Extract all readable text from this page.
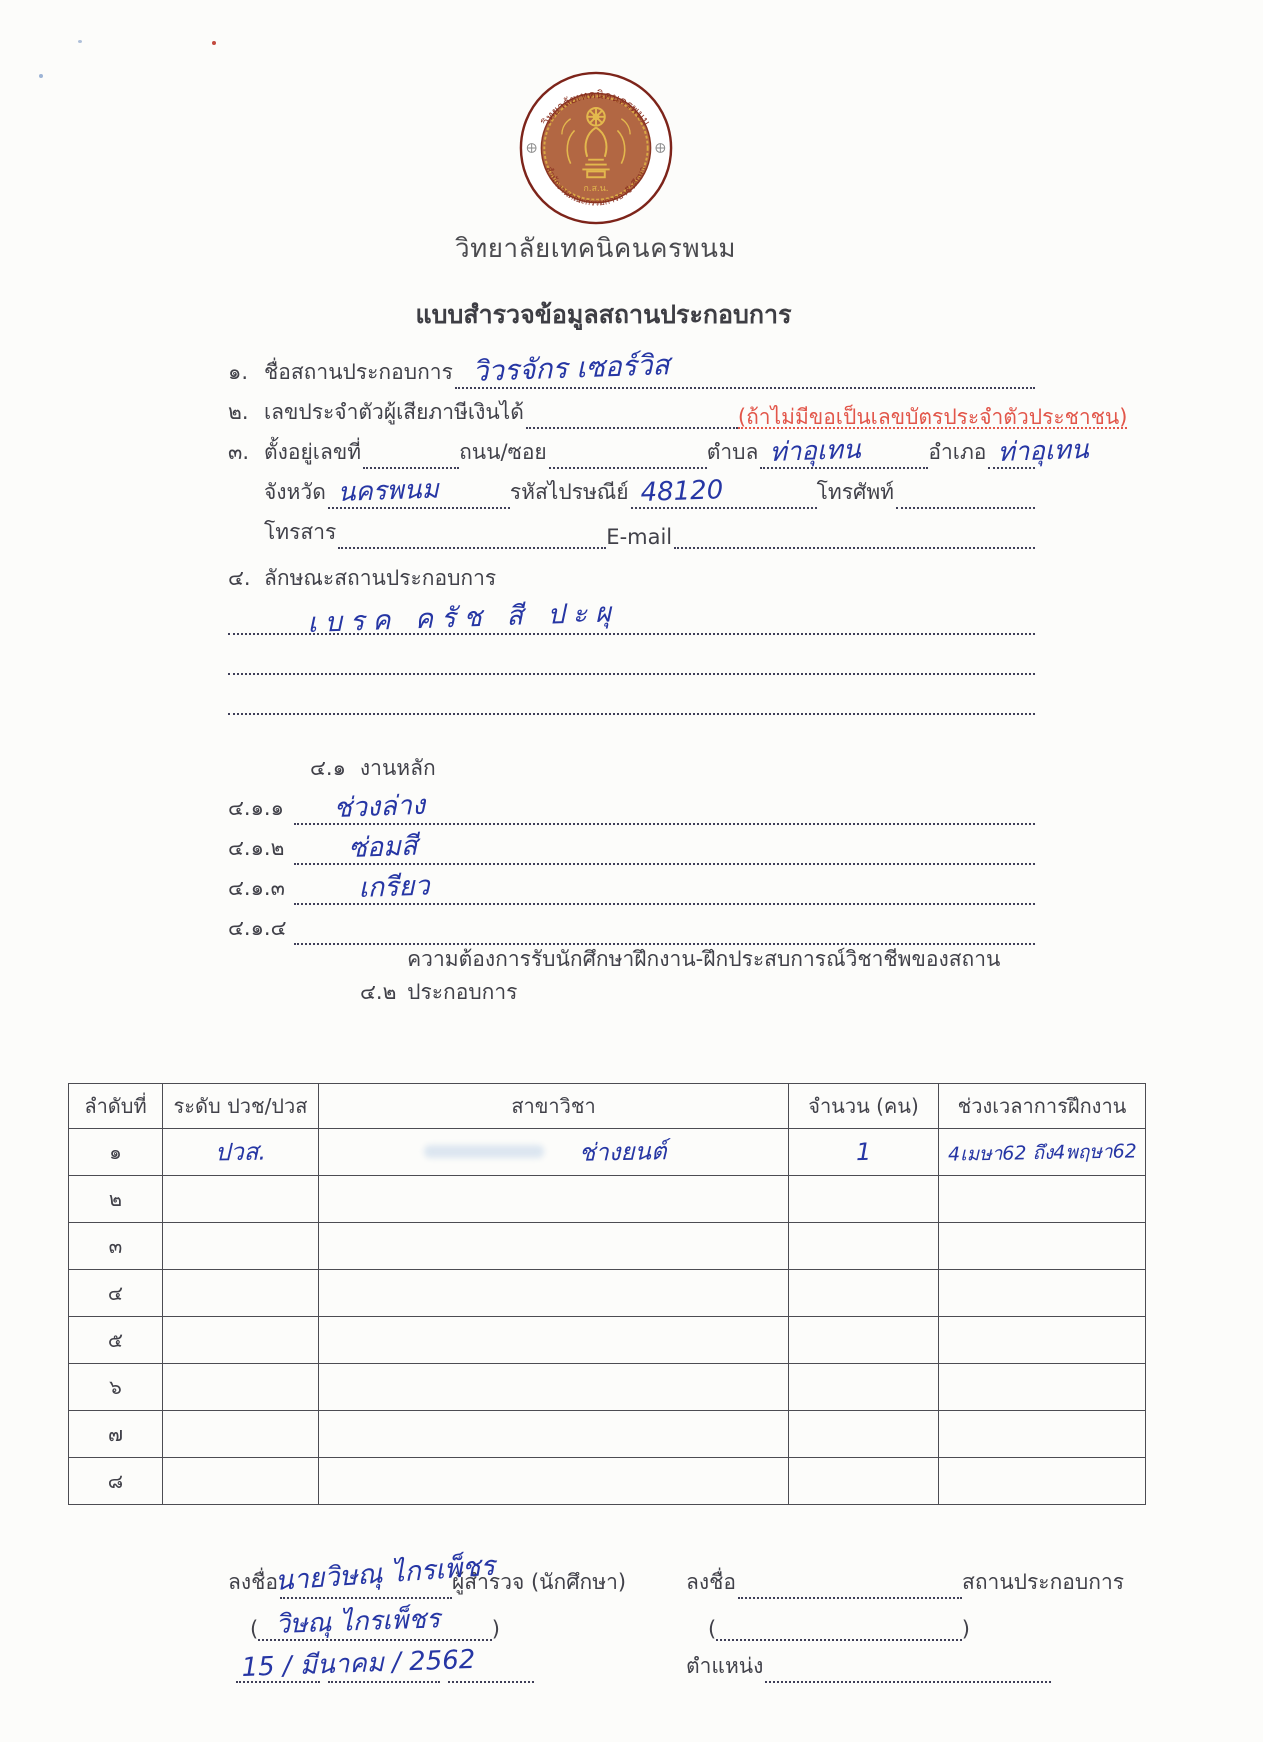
ก.ส.น.
วิทยาลัยเทคนิคนครพนม
สำนักงานคณะกรรมการอาชีวศึกษา
วิทยาลัยเทคนิคนครพนม
แบบสำรวจข้อมูลสถานประกอบการ
๑. ชื่อสถานประกอบการ วิวรจักร เซอร์วิส
๒. เลขประจำตัวผู้เสียภาษีเงินได้	(ถ้าไม่มีขอเป็นเลขบัตรประจำตัวประชาชน)
๓. ตั้งอยู่เลขที่	ถนน/ซอย	ตำบล ท่าอุเทน	อำเภอ ท่าอุเทน
จังหวัด นครพนม	รหัสไปรษณีย์ 48120	โทรศัพท์
โทรสาร	E-mail
๔. ลักษณะสถานประกอบการ
เบรค ครัช สี ปะผุ
๔.๑ งานหลัก
๔.๑.๑	ช่วงล่าง
๔.๑.๒	ซ่อมสี
๔.๑.๓	เกรียว
๔.๑.๔
๔.๒
ความต้องการรับนักศึกษาฝึกงาน-ฝึกประสบการณ์วิชาชีพของสถานประกอบการ
ลำดับที่	ระดับ ปวช/ปวส	สาขาวิชา	จำนวน (คน)	ช่วงเวลาการฝึกงาน
๑	ปวส.	ช่างยนต์	1	4เมษา62 ถึง4พฤษา62
๒				
๓				
๔				
๕				
๖				
๗				
๘				
ลงชื่อ
นายวิษณุ ไกรเพ็ชร
ผู้สำรวจ (นักศึกษา)
( วิษณุ ไกรเพ็ชร )
15 / มีนาคม / 2562
ลงชื่อ	สถานประกอบการ
(	)
ตำแหน่ง
